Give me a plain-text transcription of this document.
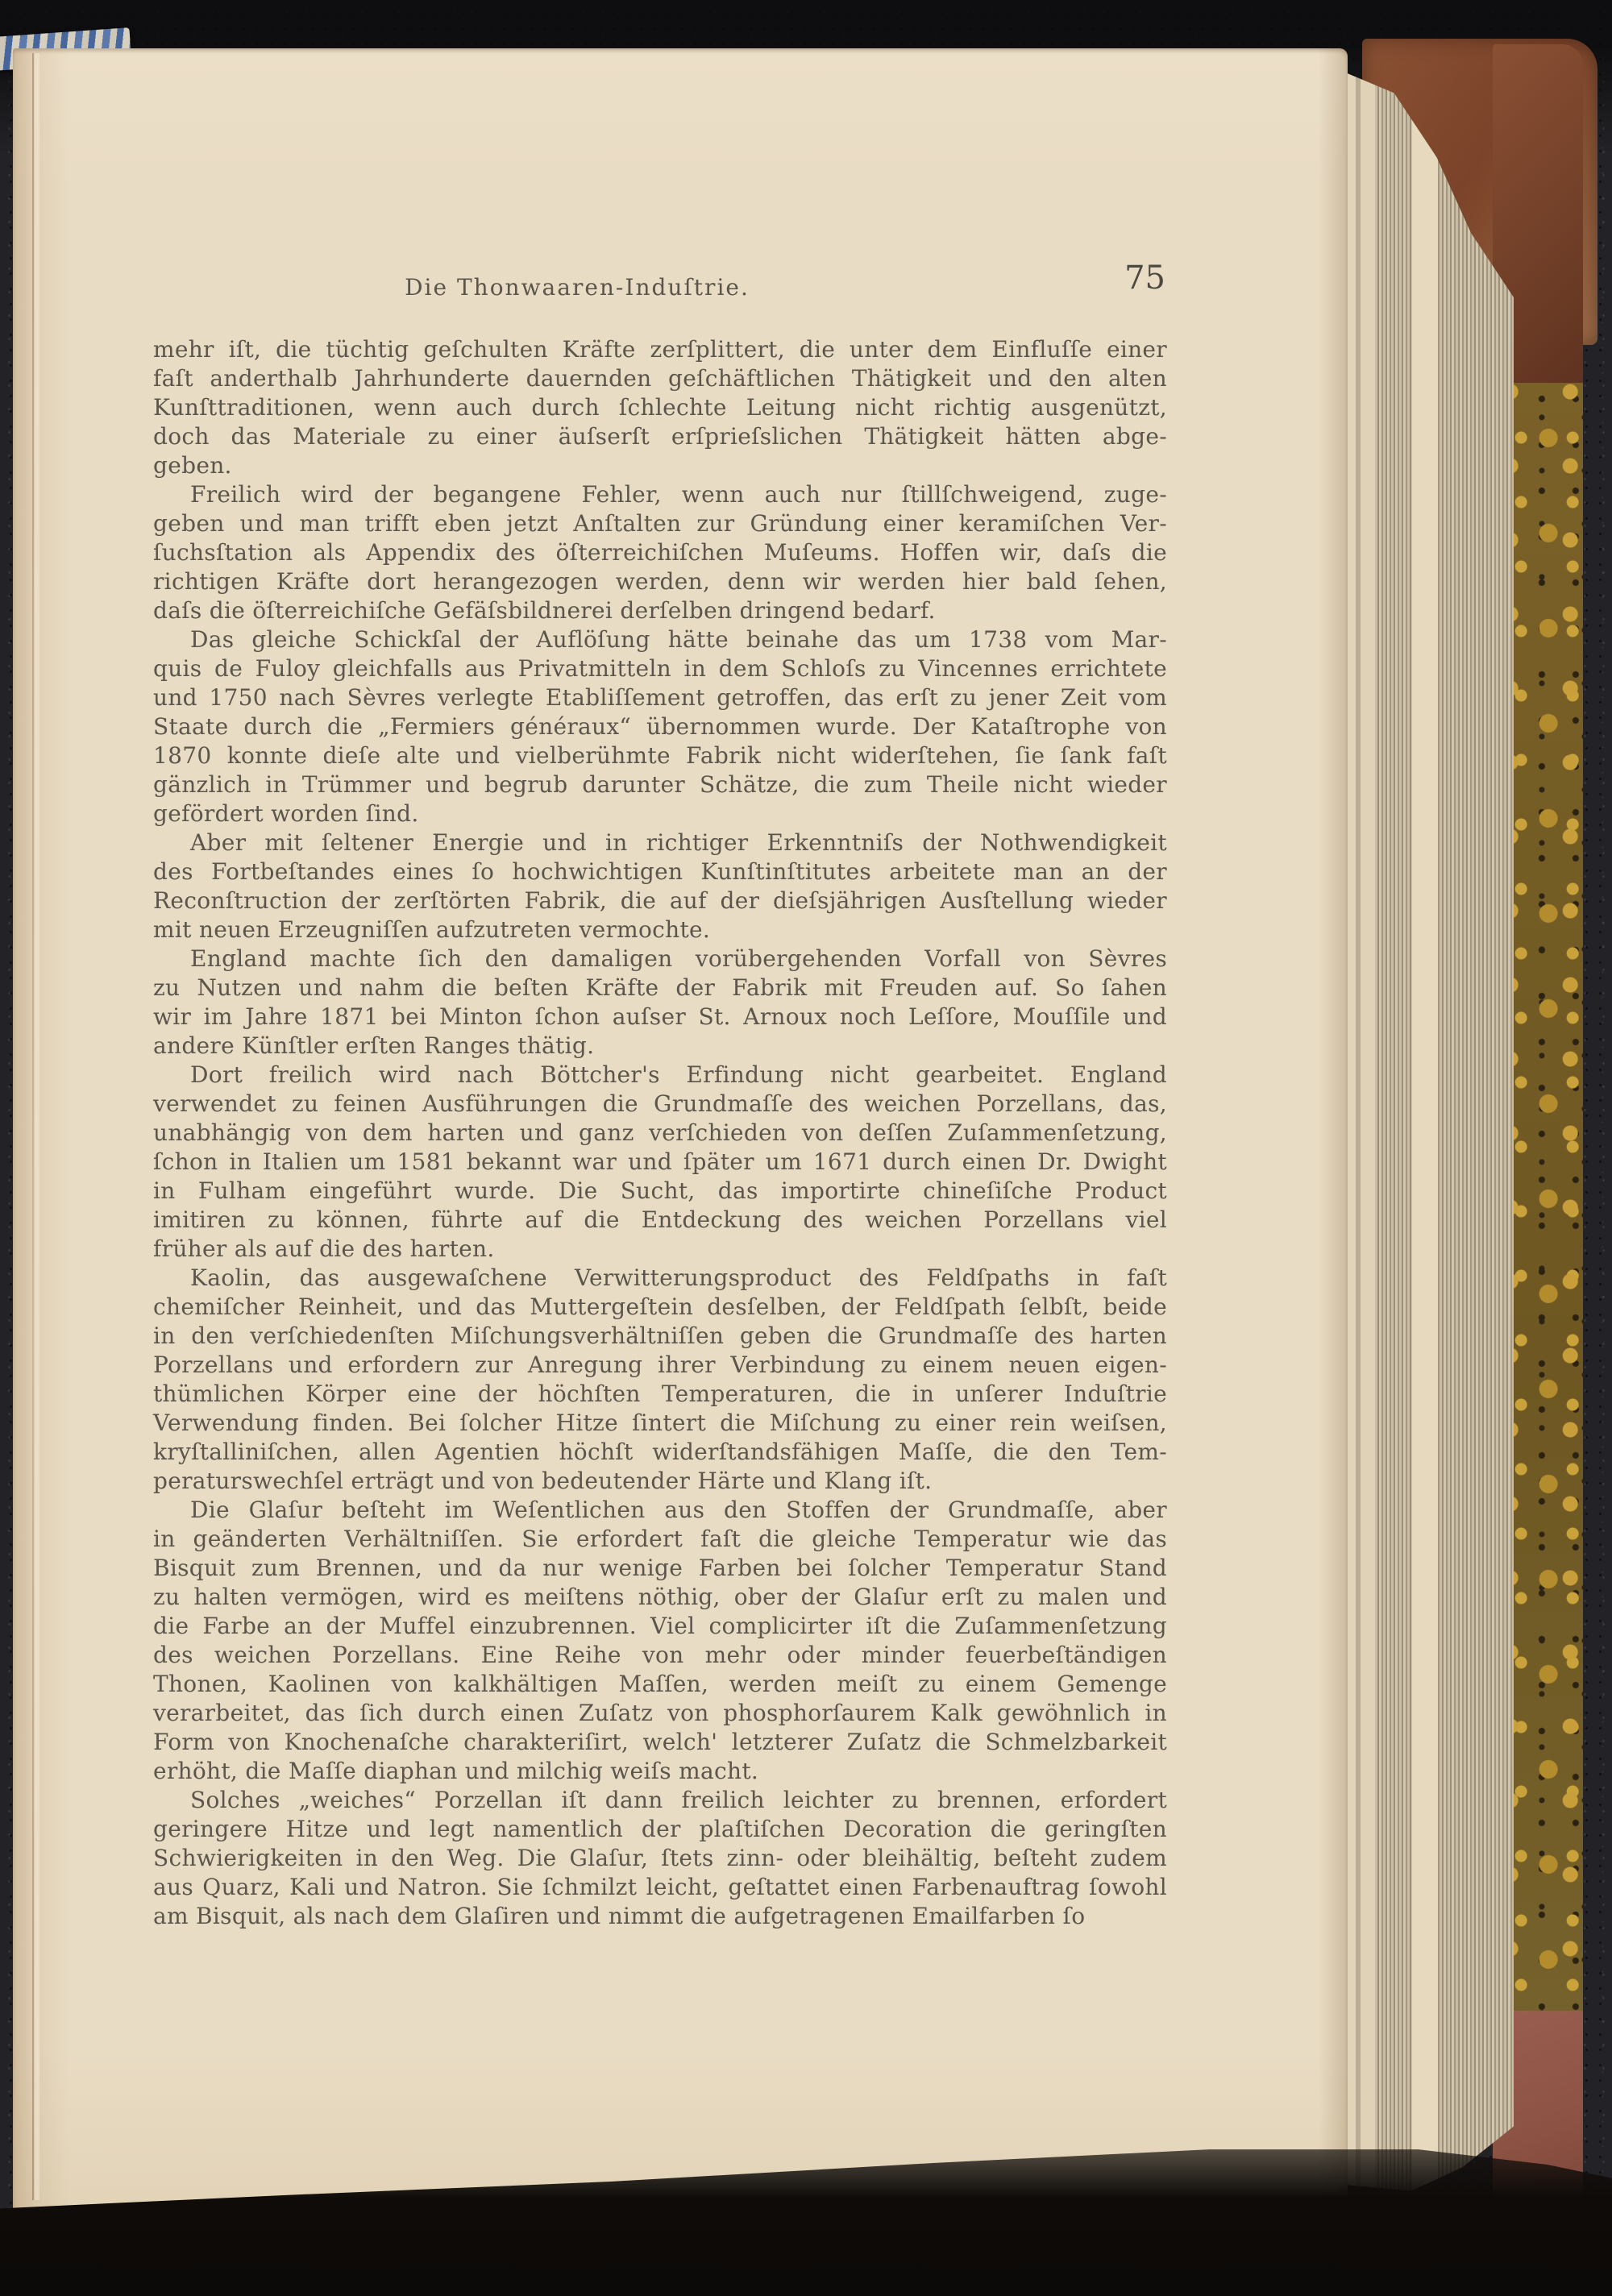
Die Thonwaaren-Induſtrie.	75
mehr iſt, die tüchtig geſchulten Kräfte zerſplittert, die unter dem Einfluſſe einer
faſt anderthalb Jahrhunderte dauernden geſchäftlichen Thätigkeit und den alten
Kunſttraditionen, wenn auch durch ſchlechte Leitung nicht richtig ausgenützt,
doch das Materiale zu einer äuſserſt erſprieſslichen Thätigkeit hätten abge-
geben.
Freilich wird der begangene Fehler, wenn auch nur ſtillſchweigend, zuge-
geben und man trifft eben jetzt Anſtalten zur Gründung einer keramiſchen Ver-
ſuchsſtation als Appendix des öſterreichiſchen Muſeums. Hoffen wir, daſs die
richtigen Kräfte dort herangezogen werden, denn wir werden hier bald ſehen,
daſs die öſterreichiſche Gefäſsbildnerei derſelben dringend bedarf.
Das gleiche Schickſal der Auflöſung hätte beinahe das um 1738 vom Mar-
quis de Fuloy gleichfalls aus Privatmitteln in dem Schloſs zu Vincennes errichtete
und 1750 nach Sèvres verlegte Etabliſſement getroffen, das erſt zu jener Zeit vom
Staate durch die „Fermiers généraux“ übernommen wurde. Der Kataſtrophe von
1870 konnte dieſe alte und vielberühmte Fabrik nicht widerſtehen, ſie ſank faſt
gänzlich in Trümmer und begrub darunter Schätze, die zum Theile nicht wieder
gefördert worden ſind.
Aber mit ſeltener Energie und in richtiger Erkenntniſs der Nothwendigkeit
des Fortbeſtandes eines ſo hochwichtigen Kunſtinſtitutes arbeitete man an der
Reconſtruction der zerſtörten Fabrik, die auf der dieſsjährigen Ausſtellung wieder
mit neuen Erzeugniſſen aufzutreten vermochte.
England machte ſich den damaligen vorübergehenden Vorfall von Sèvres
zu Nutzen und nahm die beſten Kräfte der Fabrik mit Freuden auf. So ſahen
wir im Jahre 1871 bei Minton ſchon auſser St. Arnoux noch Leſſore, Mouſſile und
andere Künſtler erſten Ranges thätig.
Dort freilich wird nach Böttcher's Erfindung nicht gearbeitet. England
verwendet zu feinen Ausführungen die Grundmaſſe des weichen Porzellans, das,
unabhängig von dem harten und ganz verſchieden von deſſen Zuſammenſetzung,
ſchon in Italien um 1581 bekannt war und ſpäter um 1671 durch einen Dr. Dwight
in Fulham eingeführt wurde. Die Sucht, das importirte chineſiſche Product
imitiren zu können, führte auf die Entdeckung des weichen Porzellans viel
früher als auf die des harten.
Kaolin, das ausgewaſchene Verwitterungsproduct des Feldſpaths in faſt
chemiſcher Reinheit, und das Muttergeſtein desſelben, der Feldſpath ſelbſt, beide
in den verſchiedenſten Miſchungsverhältniſſen geben die Grundmaſſe des harten
Porzellans und erfordern zur Anregung ihrer Verbindung zu einem neuen eigen-
thümlichen Körper eine der höchſten Temperaturen, die in unſerer Induſtrie
Verwendung finden. Bei ſolcher Hitze ſintert die Miſchung zu einer rein weiſsen,
kryſtalliniſchen, allen Agentien höchſt widerſtandsfähigen Maſſe, die den Tem-
peraturswechſel erträgt und von bedeutender Härte und Klang iſt.
Die Glaſur beſteht im Weſentlichen aus den Stoffen der Grundmaſſe, aber
in geänderten Verhältniſſen. Sie erfordert faſt die gleiche Temperatur wie das
Bisquit zum Brennen, und da nur wenige Farben bei ſolcher Temperatur Stand
zu halten vermögen, wird es meiſtens nöthig, ober der Glaſur erſt zu malen und
die Farbe an der Muffel einzubrennen. Viel complicirter iſt die Zuſammenſetzung
des weichen Porzellans. Eine Reihe von mehr oder minder feuerbeſtändigen
Thonen, Kaolinen von kalkhältigen Maſſen, werden meiſt zu einem Gemenge
verarbeitet, das ſich durch einen Zuſatz von phosphorſaurem Kalk gewöhnlich in
Form von Knochenaſche charakteriſirt, welch' letzterer Zuſatz die Schmelzbarkeit
erhöht, die Maſſe diaphan und milchig weiſs macht.
Solches „weiches“ Porzellan iſt dann freilich leichter zu brennen, erfordert
geringere Hitze und legt namentlich der plaſtiſchen Decoration die geringſten
Schwierigkeiten in den Weg. Die Glaſur, ſtets zinn- oder bleihältig, beſteht zudem
aus Quarz, Kali und Natron. Sie ſchmilzt leicht, geſtattet einen Farbenauftrag ſowohl
am Bisquit, als nach dem Glaſiren und nimmt die aufgetragenen Emailfarben ſo
